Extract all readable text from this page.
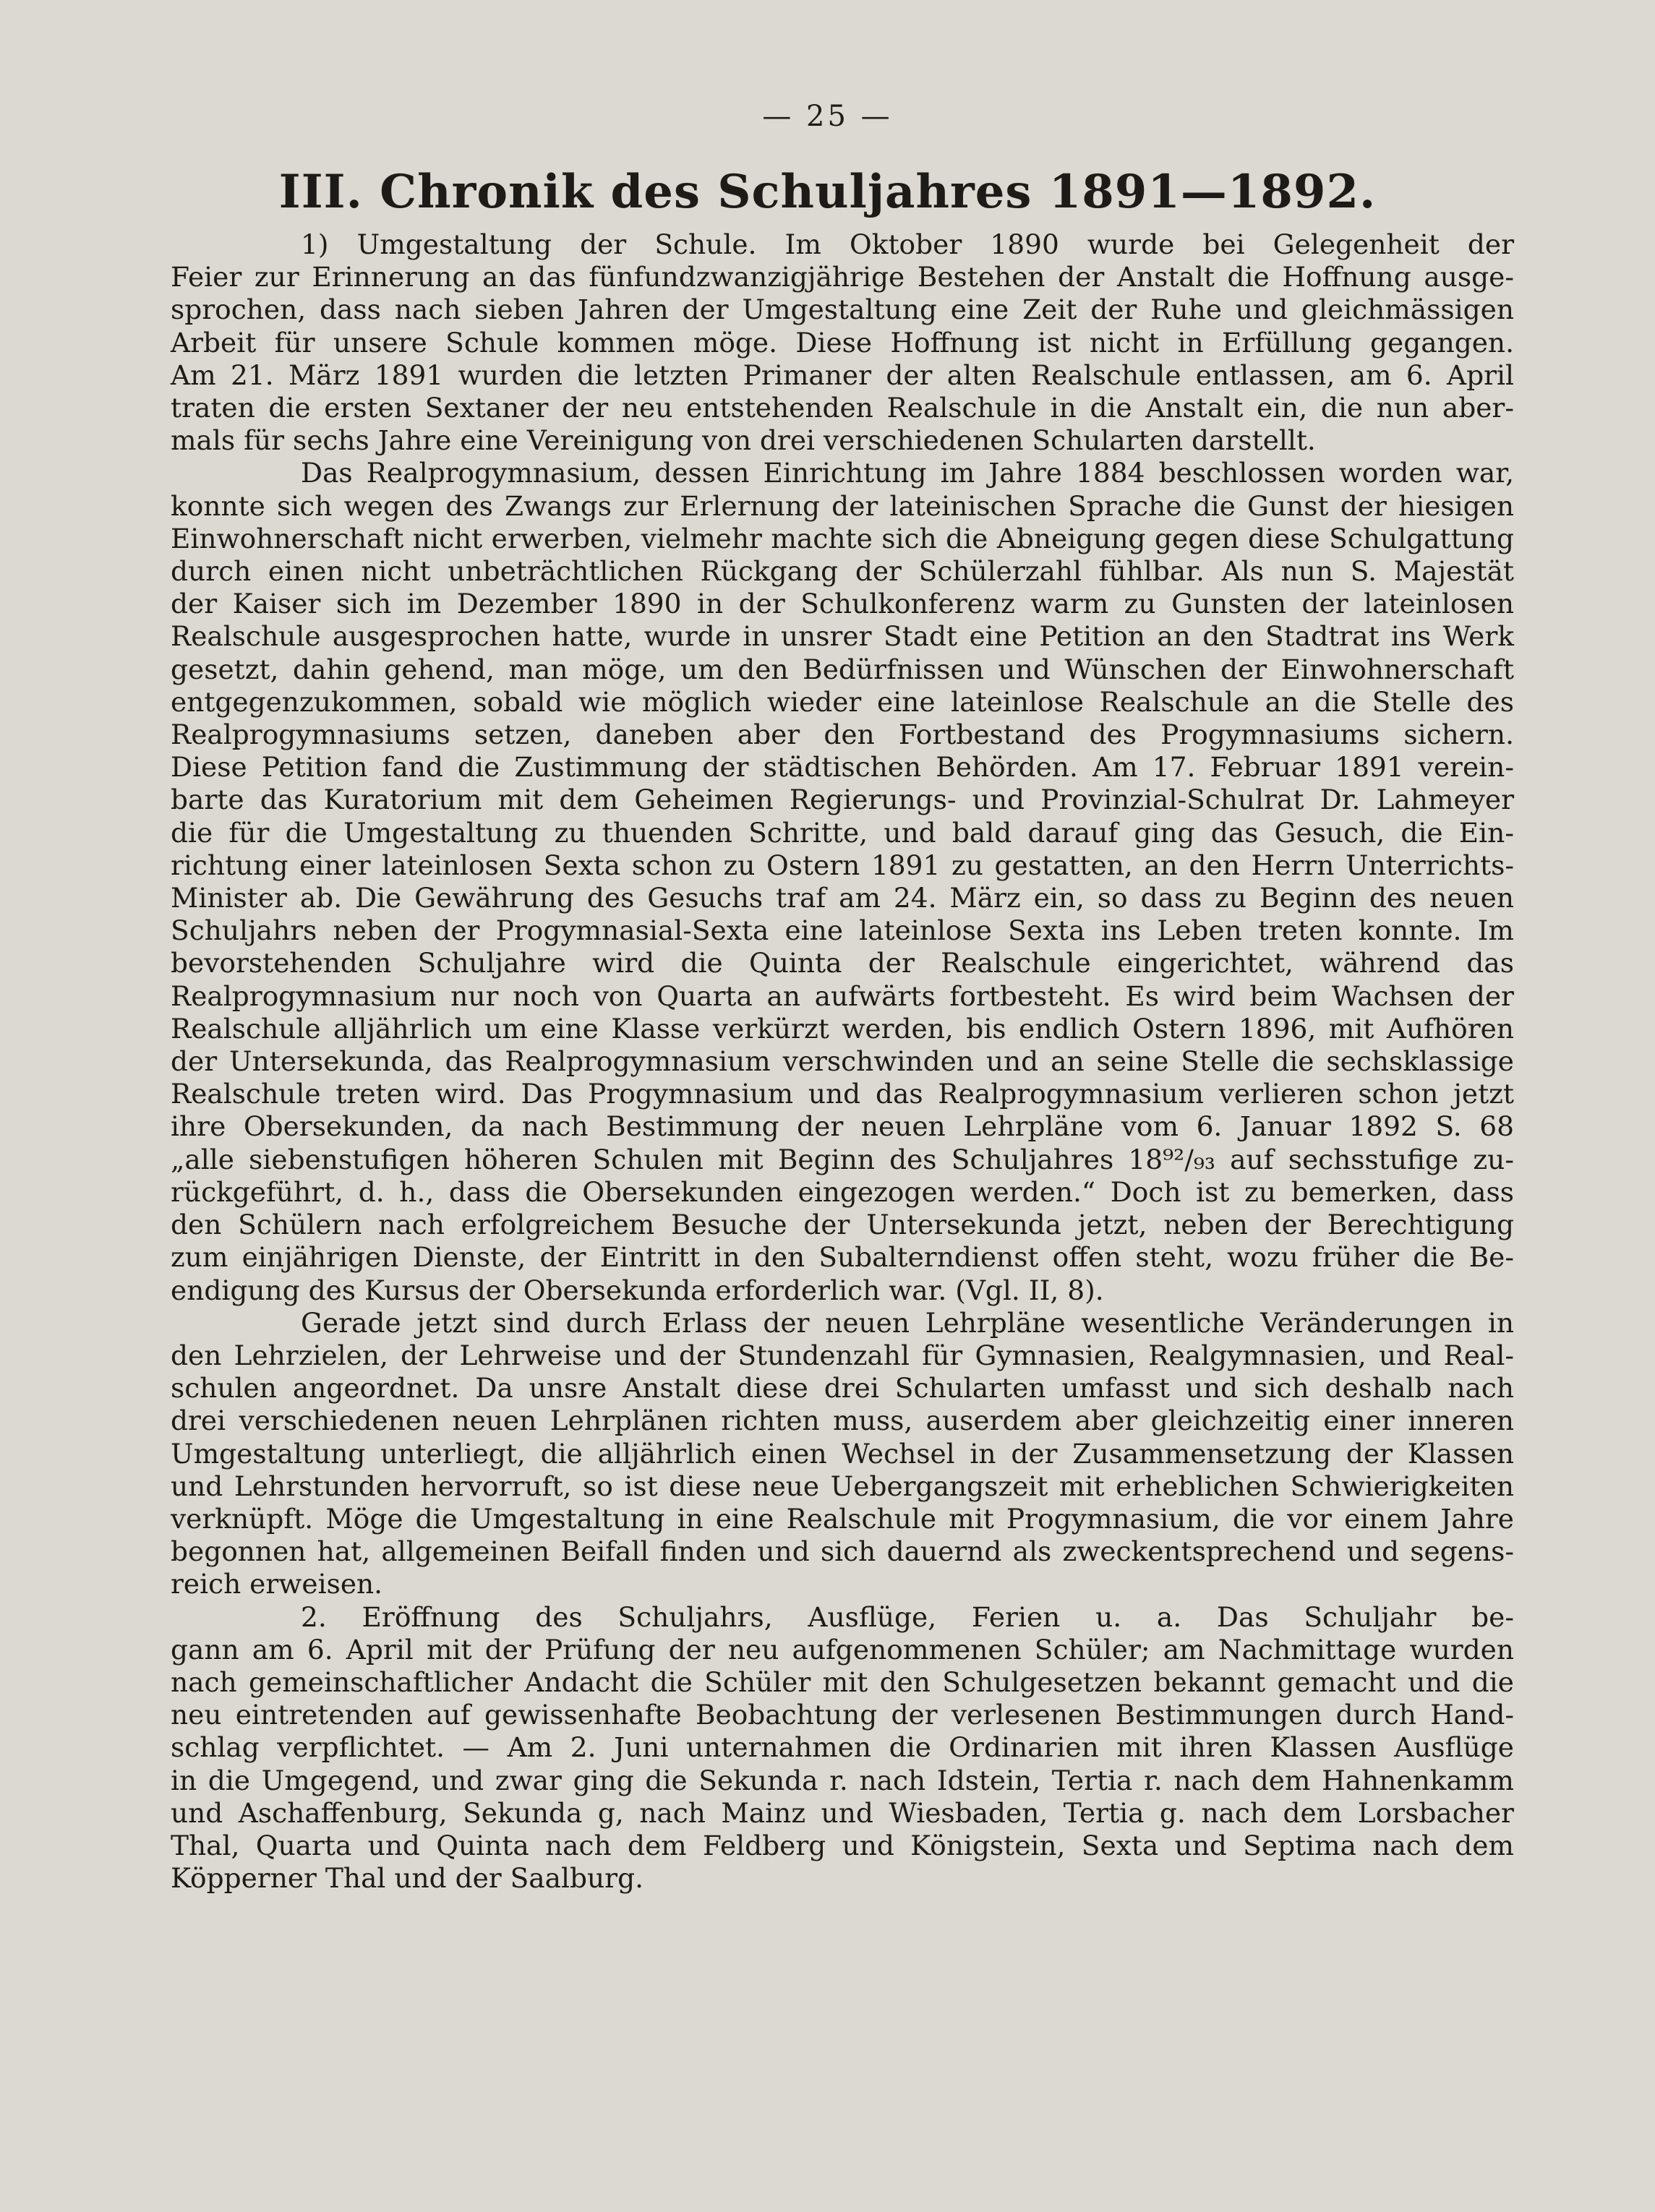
— 25 —
III. Chronik des Schuljahres 1891—1892.
1) Umgestaltung der Schule. Im Oktober 1890 wurde bei Gelegenheit der
Feier zur Erinnerung an das fünfundzwanzigjährige Bestehen der Anstalt die Hoffnung ausge-
sprochen, dass nach sieben Jahren der Umgestaltung eine Zeit der Ruhe und gleichmässigen
Arbeit für unsere Schule kommen möge. Diese Hoffnung ist nicht in Erfüllung gegangen.
Am 21. März 1891 wurden die letzten Primaner der alten Realschule entlassen, am 6. April
traten die ersten Sextaner der neu entstehenden Realschule in die Anstalt ein, die nun aber-
mals für sechs Jahre eine Vereinigung von drei verschiedenen Schularten darstellt.
Das Realprogymnasium, dessen Einrichtung im Jahre 1884 beschlossen worden war,
konnte sich wegen des Zwangs zur Erlernung der lateinischen Sprache die Gunst der hiesigen
Einwohnerschaft nicht erwerben, vielmehr machte sich die Abneigung gegen diese Schulgattung
durch einen nicht unbeträchtlichen Rückgang der Schülerzahl fühlbar. Als nun S. Majestät
der Kaiser sich im Dezember 1890 in der Schulkonferenz warm zu Gunsten der lateinlosen
Realschule ausgesprochen hatte, wurde in unsrer Stadt eine Petition an den Stadtrat ins Werk
gesetzt, dahin gehend, man möge, um den Bedürfnissen und Wünschen der Einwohnerschaft
entgegenzukommen, sobald wie möglich wieder eine lateinlose Realschule an die Stelle des
Realprogymnasiums setzen, daneben aber den Fortbestand des Progymnasiums sichern.
Diese Petition fand die Zustimmung der städtischen Behörden. Am 17. Februar 1891 verein-
barte das Kuratorium mit dem Geheimen Regierungs- und Provinzial-Schulrat Dr. Lahmeyer
die für die Umgestaltung zu thuenden Schritte, und bald darauf ging das Gesuch, die Ein-
richtung einer lateinlosen Sexta schon zu Ostern 1891 zu gestatten, an den Herrn Unterrichts-
Minister ab. Die Gewährung des Gesuchs traf am 24. März ein, so dass zu Beginn des neuen
Schuljahrs neben der Progymnasial-Sexta eine lateinlose Sexta ins Leben treten konnte. Im
bevorstehenden Schuljahre wird die Quinta der Realschule eingerichtet, während das
Realprogymnasium nur noch von Quarta an aufwärts fortbesteht. Es wird beim Wachsen der
Realschule alljährlich um eine Klasse verkürzt werden, bis endlich Ostern 1896, mit Aufhören
der Untersekunda, das Realprogymnasium verschwinden und an seine Stelle die sechsklassige
Realschule treten wird. Das Progymnasium und das Realprogymnasium verlieren schon jetzt
ihre Obersekunden, da nach Bestimmung der neuen Lehrpläne vom 6. Januar 1892 S. 68
„alle siebenstufigen höheren Schulen mit Beginn des Schuljahres 18⁹²/₉₃ auf sechsstufige zu-
rückgeführt, d. h., dass die Obersekunden eingezogen werden.“ Doch ist zu bemerken, dass
den Schülern nach erfolgreichem Besuche der Untersekunda jetzt, neben der Berechtigung
zum einjährigen Dienste, der Eintritt in den Subalterndienst offen steht, wozu früher die Be-
endigung des Kursus der Obersekunda erforderlich war. (Vgl. II, 8).
Gerade jetzt sind durch Erlass der neuen Lehrpläne wesentliche Veränderungen in
den Lehrzielen, der Lehrweise und der Stundenzahl für Gymnasien, Realgymnasien, und Real-
schulen angeordnet. Da unsre Anstalt diese drei Schularten umfasst und sich deshalb nach
drei verschiedenen neuen Lehrplänen richten muss, auserdem aber gleichzeitig einer inneren
Umgestaltung unterliegt, die alljährlich einen Wechsel in der Zusammensetzung der Klassen
und Lehrstunden hervorruft, so ist diese neue Uebergangszeit mit erheblichen Schwierigkeiten
verknüpft. Möge die Umgestaltung in eine Realschule mit Progymnasium, die vor einem Jahre
begonnen hat, allgemeinen Beifall finden und sich dauernd als zweckentsprechend und segens-
reich erweisen.
2. Eröffnung des Schuljahrs, Ausflüge, Ferien u. a. Das Schuljahr be-
gann am 6. April mit der Prüfung der neu aufgenommenen Schüler; am Nachmittage wurden
nach gemeinschaftlicher Andacht die Schüler mit den Schulgesetzen bekannt gemacht und die
neu eintretenden auf gewissenhafte Beobachtung der verlesenen Bestimmungen durch Hand-
schlag verpflichtet. — Am 2. Juni unternahmen die Ordinarien mit ihren Klassen Ausflüge
in die Umgegend, und zwar ging die Sekunda r. nach Idstein, Tertia r. nach dem Hahnenkamm
und Aschaffenburg, Sekunda g, nach Mainz und Wiesbaden, Tertia g. nach dem Lorsbacher
Thal, Quarta und Quinta nach dem Feldberg und Königstein, Sexta und Septima nach dem
Köpperner Thal und der Saalburg.
